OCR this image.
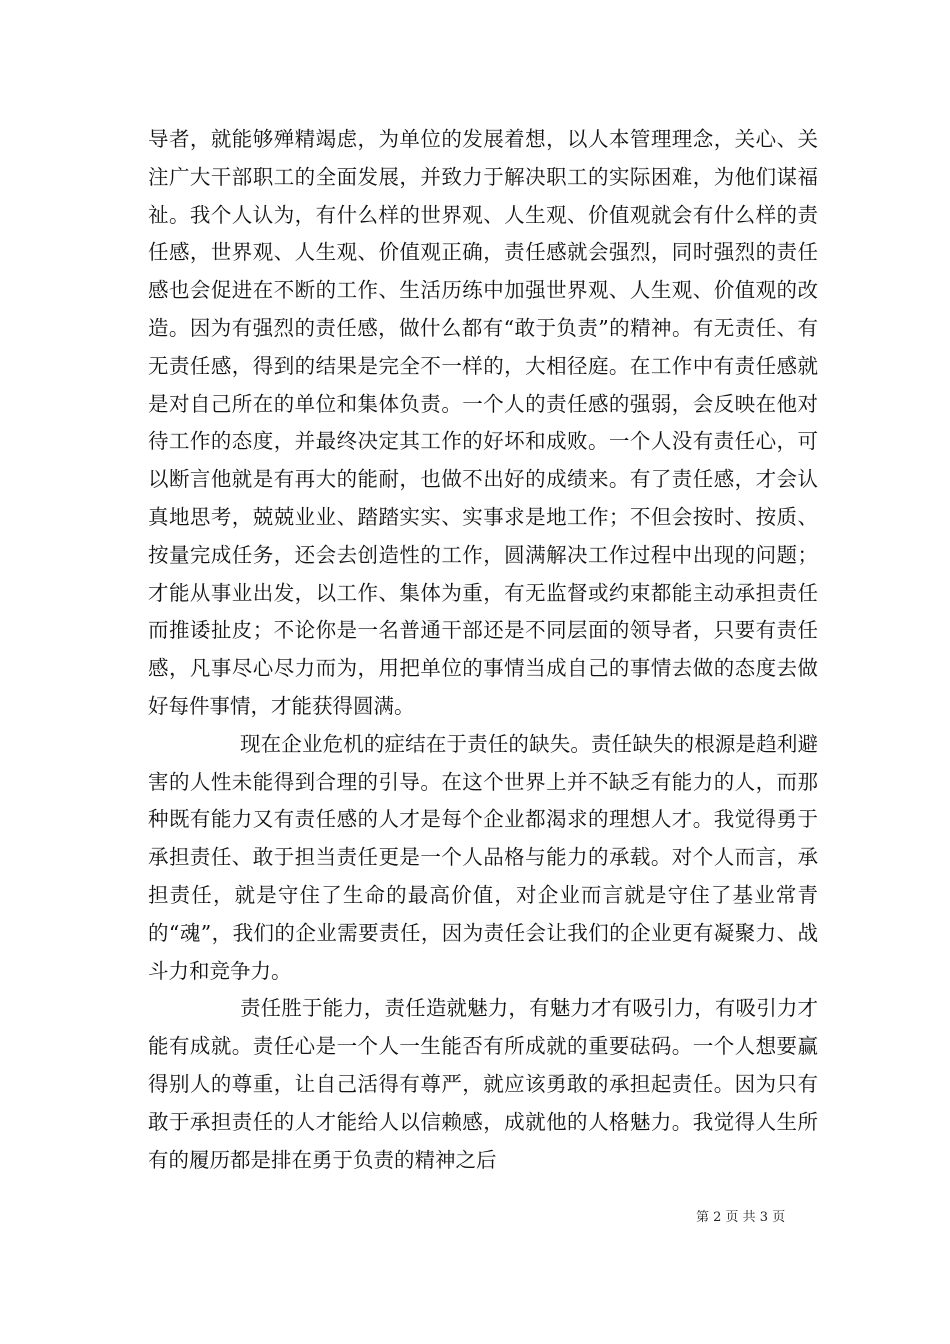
导者，就能够殚精竭虑，为单位的发展着想，以人本管理理念，关心、关注广大干部职工的全面发展，并致力于解决职工的实际困难，为他们谋福祉。我个人认为，有什么样的世界观、人生观、价值观就会有什么样的责任感，世界观、人生观、价值观正确，责任感就会强烈，同时强烈的责任感也会促进在不断的工作、生活历练中加强世界观、人生观、价值观的改造。因为有强烈的责任感，做什么都有“敢于负责”的精神。有无责任、有无责任感，得到的结果是完全不一样的，大相径庭。在工作中有责任感就是对自己所在的单位和集体负责。一个人的责任感的强弱，会反映在他对待工作的态度，并最终决定其工作的好坏和成败。一个人没有责任心，可以断言他就是有再大的能耐，也做不出好的成绩来。有了责任感，才会认真地思考，兢兢业业、踏踏实实、实事求是地工作；不但会按时、按质、按量完成任务，还会去创造性的工作，圆满解决工作过程中出现的问题；才能从事业出发，以工作、集体为重，有无监督或约束都能主动承担责任而推诿扯皮；不论你是一名普通干部还是不同层面的领导者，只要有责任感，凡事尽心尽力而为，用把单位的事情当成自己的事情去做的态度去做好每件事情，才能获得圆满。

现在企业危机的症结在于责任的缺失。责任缺失的根源是趋利避害的人性未能得到合理的引导。在这个世界上并不缺乏有能力的人，而那种既有能力又有责任感的人才是每个企业都渴求的理想人才。我觉得勇于承担责任、敢于担当责任更是一个人品格与能力的承载。对个人而言，承担责任，就是守住了生命的最高价值，对企业而言就是守住了基业常青的“魂”，我们的企业需要责任，因为责任会让我们的企业更有凝聚力、战斗力和竞争力。

责任胜于能力，责任造就魅力，有魅力才有吸引力，有吸引力才能有成就。责任心是一个人一生能否有所成就的重要砝码。一个人想要赢得别人的尊重，让自己活得有尊严，就应该勇敢的承担起责任。因为只有敢于承担责任的人才能给人以信赖感，成就他的人格魅力。我觉得人生所有的履历都是排在勇于负责的精神之后

第 2 页 共 3 页
